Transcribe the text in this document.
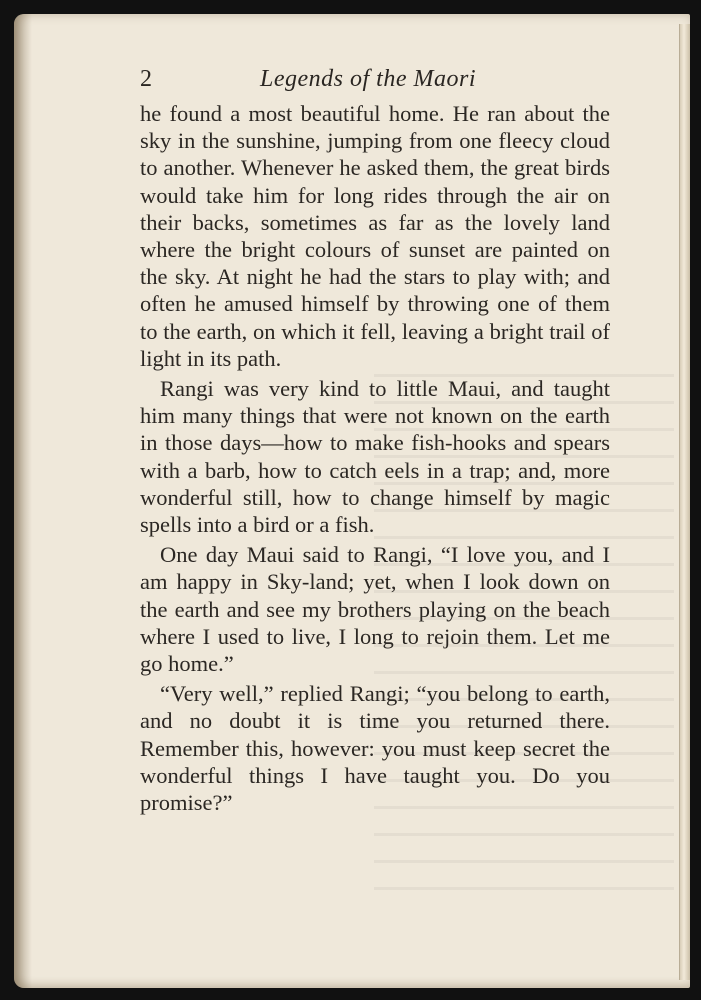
2	Legends of the Maori

he found a most beautiful home. He ran about the sky in the sunshine, jumping from one fleecy cloud to another. Whenever he asked them, the great birds would take him for long rides through the air on their backs, sometimes as far as the lovely land where the bright colours of sunset are painted on the sky. At night he had the stars to play with; and often he amused himself by throwing one of them to the earth, on which it fell, leaving a bright trail of light in its path.

Rangi was very kind to little Maui, and taught him many things that were not known on the earth in those days—how to make fish-hooks and spears with a barb, how to catch eels in a trap; and, more wonderful still, how to change himself by magic spells into a bird or a fish.

One day Maui said to Rangi, “I love you, and I am happy in Sky-land; yet, when I look down on the earth and see my brothers playing on the beach where I used to live, I long to rejoin them. Let me go home.”

“Very well,” replied Rangi; “you belong to earth, and no doubt it is time you returned there. Remember this, however: you must keep secret the wonderful things I have taught you. Do you promise?”
